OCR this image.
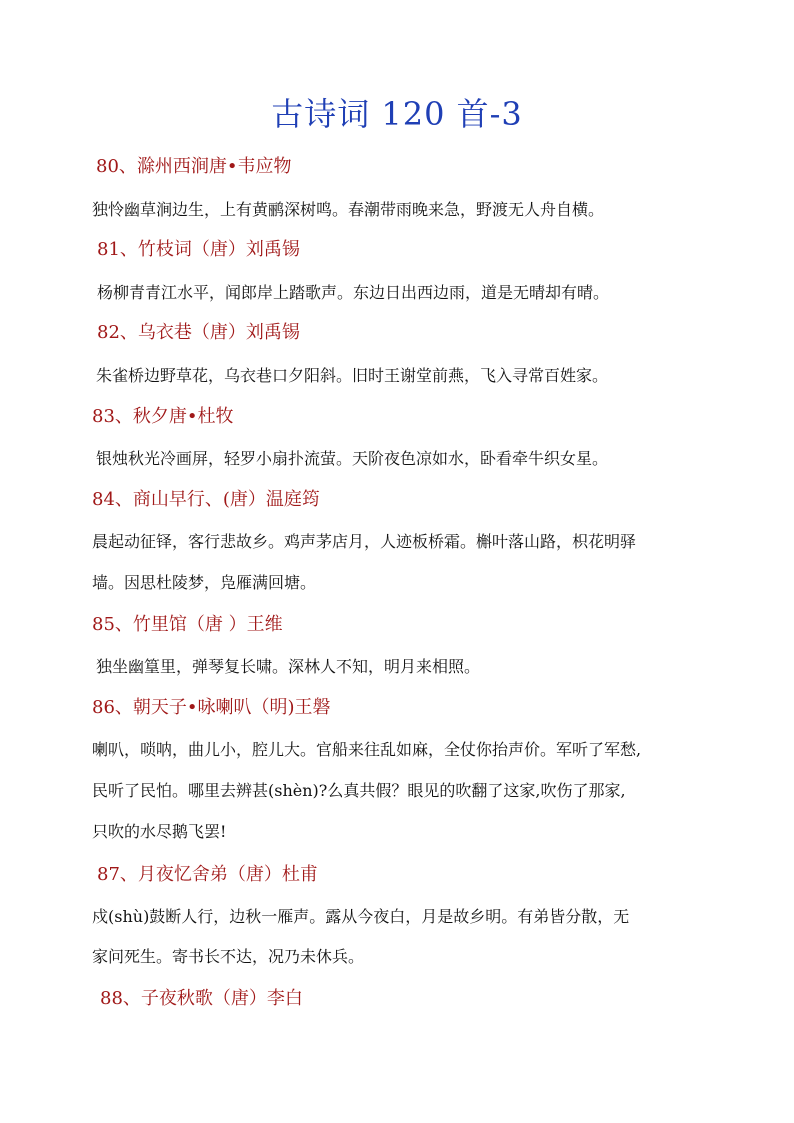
古诗词 120 首-3
80、滁州西涧唐•韦应物
独怜幽草涧边生，上有黄鹂深树鸣。春潮带雨晚来急，野渡无人舟自横。
81、竹枝词（唐）刘禹锡
杨柳青青江水平，闻郎岸上踏歌声。东边日出西边雨，道是无晴却有晴。
82、乌衣巷（唐）刘禹锡
朱雀桥边野草花，乌衣巷口夕阳斜。旧时王谢堂前燕，飞入寻常百姓家。
83、秋夕唐•杜牧
银烛秋光冷画屏，轻罗小扇扑流萤。天阶夜色凉如水，卧看牵牛织女星。
84、商山早行、(唐）温庭筠
晨起动征铎，客行悲故乡。鸡声茅店月，人迹板桥霜。槲叶落山路，枳花明驿
墙。因思杜陵梦，凫雁满回塘。
85、竹里馆（唐 ）王维
独坐幽篁里，弹琴复长啸。深林人不知，明月来相照。
86、朝天子•咏喇叭（明)王磐
喇叭，唢呐，曲儿小，腔儿大。官船来往乱如麻，全仗你抬声价。军听了军愁,
民听了民怕。哪里去辨甚(shèn)?么真共假？眼见的吹翻了这家,吹伤了那家,
只吹的水尽鹅飞罢!
87、月夜忆舍弟（唐）杜甫
戍(shù)鼓断人行，边秋一雁声。露从今夜白，月是故乡明。有弟皆分散，无
家问死生。寄书长不达，况乃未休兵。
88、子夜秋歌（唐）李白
